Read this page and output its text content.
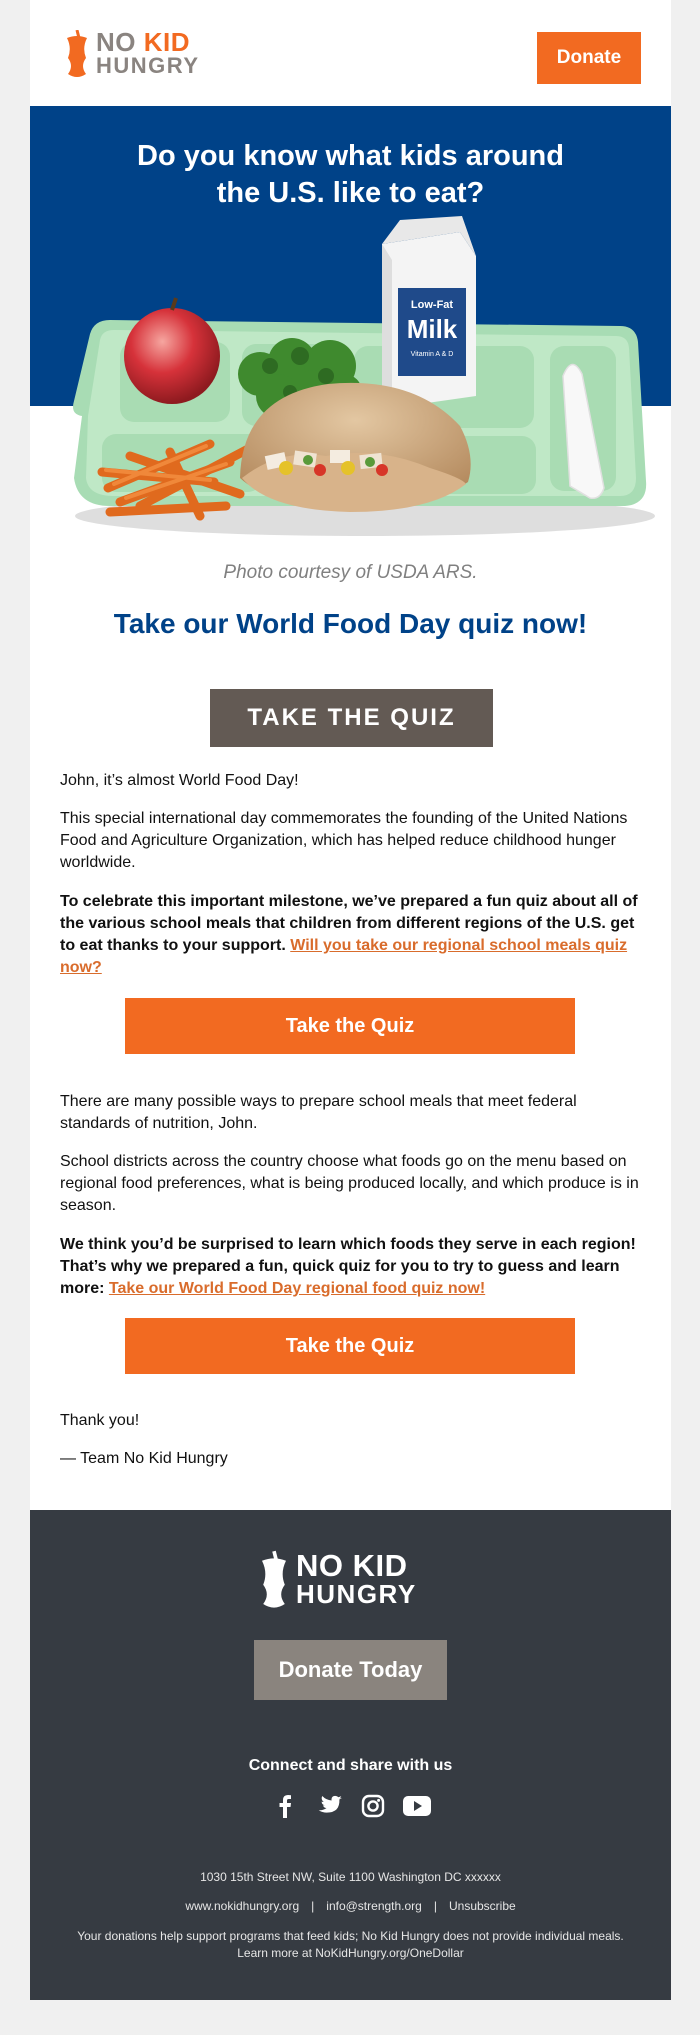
NO KID
HUNGRY	Donate
Do you know what kids around
the U.S. like to eat?
Low-Fat
Milk
Vitamin A & D
Photo courtesy of USDA ARS.
Take our World Food Day quiz now!
TAKE THE QUIZ

John, it’s almost World Food Day!

This special international day commemorates the founding of the United Nations Food and Agriculture Organization, which has helped reduce childhood hunger worldwide.

To celebrate this important milestone, we’ve prepared a fun quiz about all of the various school meals that children from different regions of the U.S. get to eat thanks to your support. Will you take our regional school meals quiz now?

Take the Quiz

There are many possible ways to prepare school meals that meet federal standards of nutrition, John.

School districts across the country choose what foods go on the menu based on regional food preferences, what is being produced locally, and which produce is in season.

We think you’d be surprised to learn which foods they serve in each region! That’s why we prepared a fun, quick quiz for you to try to guess and learn more: Take our World Food Day regional food quiz now!

Take the Quiz

Thank you!

— Team No Kid Hungry

NO KID
HUNGRY
Donate Today
Connect and share with us
1030 15th Street NW, Suite 1100 Washington DC xxxxxx
www.nokidhungry.org | info@strength.org | Unsubscribe
Your donations help support programs that feed kids; No Kid Hungry does not provide individual meals.
Learn more at NoKidHungry.org/OneDollar
